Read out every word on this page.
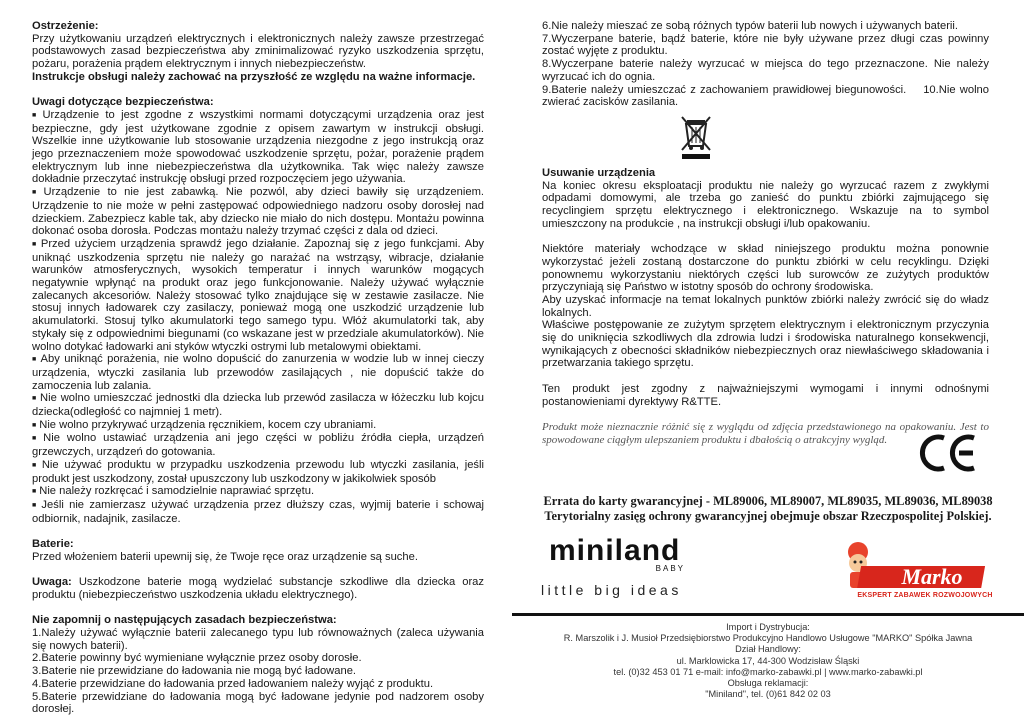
Ostrzeżenie:

Przy użytkowaniu urządzeń elektrycznych i elektronicznych należy zawsze przestrzegać podstawowych zasad bezpieczeństwa aby zminimalizować ryzyko uszkodzenia sprzętu, pożaru, porażenia prądem elektrycznym i innych niebezpieczeństw.

Instrukcje obsługi należy zachować na przyszłość ze względu na ważne informacje.

Uwagi dotyczące bezpieczeństwa:

■ Urządzenie to jest zgodne z wszystkimi normami dotyczącymi urządzenia oraz jest bezpieczne, gdy jest użytkowane zgodnie z opisem zawartym w instrukcji obsługi. Wszelkie inne użytkowanie lub stosowanie urządzenia niezgodne z jego instrukcją oraz jego przeznaczeniem może spowodować uszkodzenie sprzętu, pożar, porażenie prądem elektrycznym lub inne niebezpieczeństwa dla użytkownika. Tak więc należy zawsze dokładnie przeczytać instrukcję obsługi przed rozpoczęciem jego używania.

■ Urządzenie to nie jest zabawką. Nie pozwól, aby dzieci bawiły się urządzeniem. Urządzenie to nie może w pełni zastępować odpowiedniego nadzoru osoby dorosłej nad dzieckiem. Zabezpiecz kable tak, aby dziecko nie miało do nich dostępu. Montażu powinna dokonać osoba dorosła. Podczas montażu należy trzymać części z dala od dzieci.

■ Przed użyciem urządzenia sprawdź jego działanie. Zapoznaj się z jego funkcjami. Aby uniknąć uszkodzenia sprzętu nie należy go narażać na wstrząsy, wibracje, działanie warunków atmosferycznych, wysokich temperatur i innych warunków mogących negatywnie wpłynąć na produkt oraz jego funkcjonowanie. Należy używać wyłącznie zalecanych akcesoriów. Należy stosować tylko znajdujące się w zestawie zasilacze. Nie stosuj innych ładowarek czy zasilaczy, ponieważ mogą one uszkodzić urządzenie lub akumulatorki. Stosuj tylko akumulatorki tego samego typu. Włóż akumulatorki tak, aby stykały się z odpowiednimi biegunami (co wskazane jest w przedziale akumulatorków). Nie wolno dotykać ładowarki ani styków wtyczki ostrymi lub metalowymi obiektami.

■ Aby uniknąć porażenia, nie wolno dopuścić do zanurzenia w wodzie lub w innej cieczy urządzenia, wtyczki zasilania lub przewodów zasilających , nie dopuścić także do zamoczenia lub zalania.

■ Nie wolno umieszczać jednostki dla dziecka lub przewód zasilacza w łóżeczku lub kojcu dziecka(odległość co najmniej 1 metr).

■ Nie wolno przykrywać urządzenia ręcznikiem, kocem czy ubraniami.

■ Nie wolno ustawiać urządzenia ani jego części w pobliżu źródła ciepła, urządzeń grzewczych, urządzeń do gotowania.

■ Nie używać produktu w przypadku uszkodzenia przewodu lub wtyczki zasilania, jeśli produkt jest uszkodzony, został upuszczony lub uszkodzony w jakikolwiek sposób

■ Nie należy rozkręcać i samodzielnie naprawiać sprzętu.

■ Jeśli nie zamierzasz używać urządzenia przez dłuższy czas, wyjmij baterie i schowaj odbiornik, nadajnik, zasilacze.

Baterie:

Przed włożeniem baterii upewnij się, że Twoje ręce oraz urządzenie są suche.

Uwaga: Uszkodzone baterie mogą wydzielać substancje szkodliwe dla dziecka oraz produktu (niebezpieczeństwo uszkodzenia układu elektrycznego).

Nie zapomnij o następujących zasadach bezpieczeństwa:

1.Należy używać wyłącznie baterii zalecanego typu lub równoważnych (zaleca używania się nowych baterii).

2.Baterie powinny być wymieniane wyłącznie przez osoby dorosłe.

3.Baterie nie przewidziane do ładowania nie mogą być ładowane.

4.Baterie przewidziane do ładowania przed ładowaniem należy wyjąć z produktu.

5.Baterie przewidziane do ładowania mogą być ładowane jedynie pod nadzorem osoby dorosłej.

6.Nie należy mieszać ze sobą różnych typów baterii lub nowych i używanych baterii.

7.Wyczerpane baterie, bądź baterie, które nie były używane przez długi czas powinny zostać wyjęte z produktu.

8.Wyczerpane baterie należy wyrzucać w miejsca do tego przeznaczone. Nie należy wyrzucać ich do ognia.

9.Baterie należy umieszczać z zachowaniem prawidłowej biegunowości. 10.Nie wolno zwierać zacisków zasilania.

Usuwanie urządzenia

Na koniec okresu eksploatacji produktu nie należy go wyrzucać razem z zwykłymi odpadami domowymi, ale trzeba go zanieść do punktu zbiórki zajmującego się recyclingiem sprzętu elektrycznego i elektronicznego. Wskazuje na to symbol umieszczony na produkcie , na instrukcji obsługi i/lub opakowaniu.

Niektóre materiały wchodzące w skład niniejszego produktu można ponownie wykorzystać jeżeli zostaną dostarczone do punktu zbiórki w celu recyklingu. Dzięki ponownemu wykorzystaniu niektórych części lub surowców ze zużytych produktów przyczyniają się Państwo w istotny sposób do ochrony środowiska.

Aby uzyskać informacje na temat lokalnych punktów zbiórki należy zwrócić się do władz lokalnych.

Właściwe postępowanie ze zużytym sprzętem elektrycznym i elektronicznym przyczynia się do uniknięcia szkodliwych dla zdrowia ludzi i środowiska naturalnego konsekwencji, wynikających z obecności składników niebezpiecznych oraz niewłaściwego składowania i przetwarzania takiego sprzętu.

Ten produkt jest zgodny z najważniejszymi wymogami i innymi odnośnymi postanowieniami dyrektywy R&TTE.

Produkt może nieznacznie różnić się z wyglądu od zdjęcia przedstawionego na opakowaniu. Jest to spowodowane ciągłym ulepszaniem produktu i dbałością o atrakcyjny wygląd.

Errata do karty gwarancyjnej - ML89006, ML89007, ML89035, ML89036, ML89038
Terytorialny zasięg ochrony gwarancyjnej obejmuje obszar Rzeczpospolitej Polskiej.
miniland
BABY
little big ideas
Marko
EKSPERT ZABAWEK ROZWOJOWYCH

Import i Dystrybucja:

R. Marszolik i J. Musioł Przedsiębiorstwo Produkcyjno Handlowo Usługowe "MARKO" Spółka Jawna

Dział Handlowy:

ul. Marklowicka 17, 44-300 Wodzisław Śląski

tel. (0)32 453 01 71 e-mail: info@marko-zabawki.pl | www.marko-zabawki.pl

Obsługa reklamacji:

"Miniland", tel. (0)61 842 02 03
